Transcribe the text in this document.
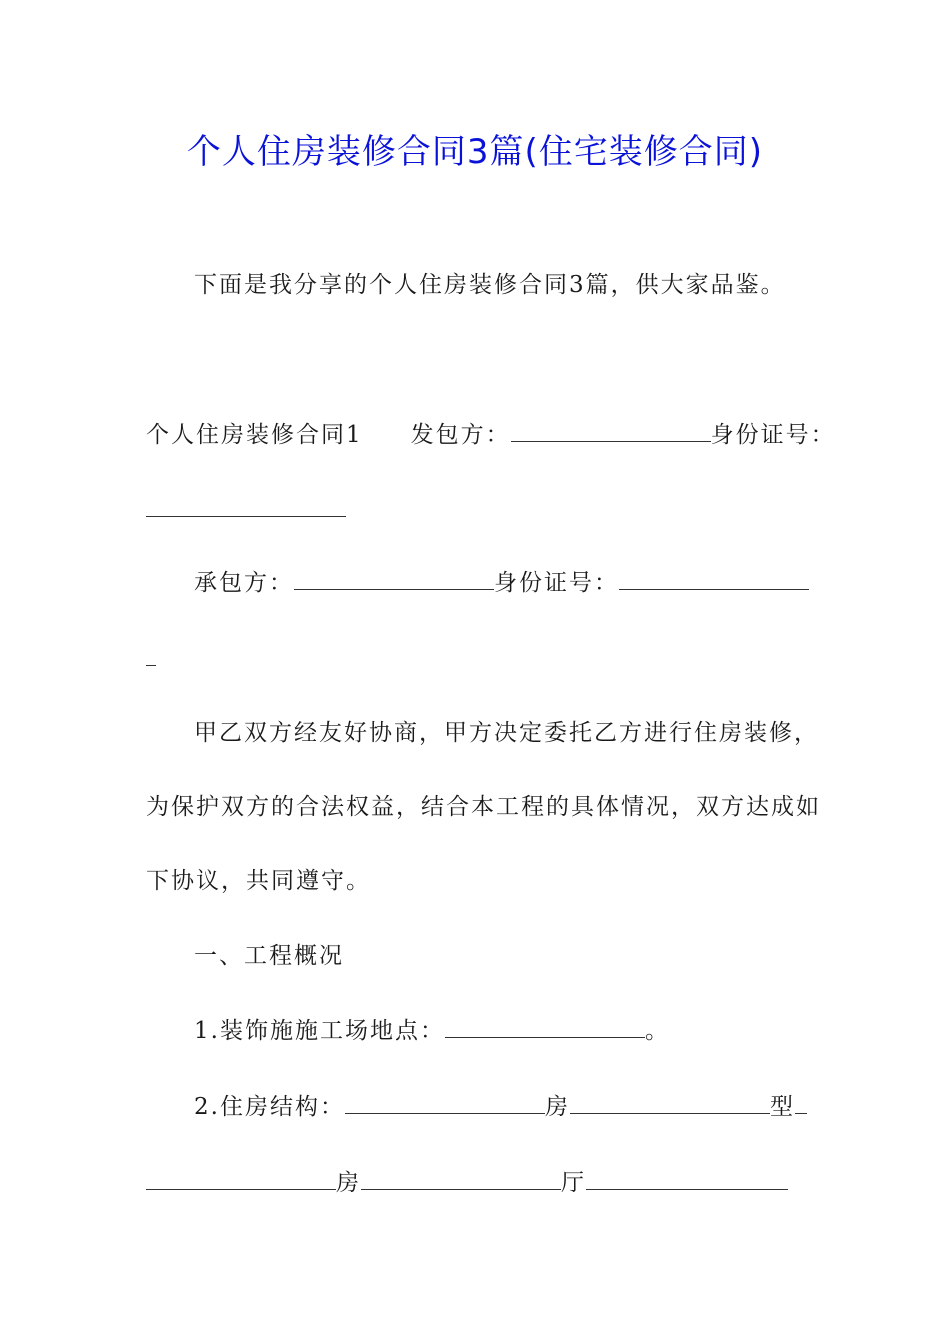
个人住房装修合同3篇(住宅装修合同)
下面是我分享的个人住房装修合同3篇，供大家品鉴。
个人住房装修合同1 发包方：	身份证号：
承包方：	身份证号：
甲乙双方经友好协商，甲方决定委托乙方进行住房装修，
为保护双方的合法权益，结合本工程的具体情况，双方达成如
下协议，共同遵守。
一、工程概况
1.装饰施施工场地点：	。
2.住房结构：	房	型
房	厅
